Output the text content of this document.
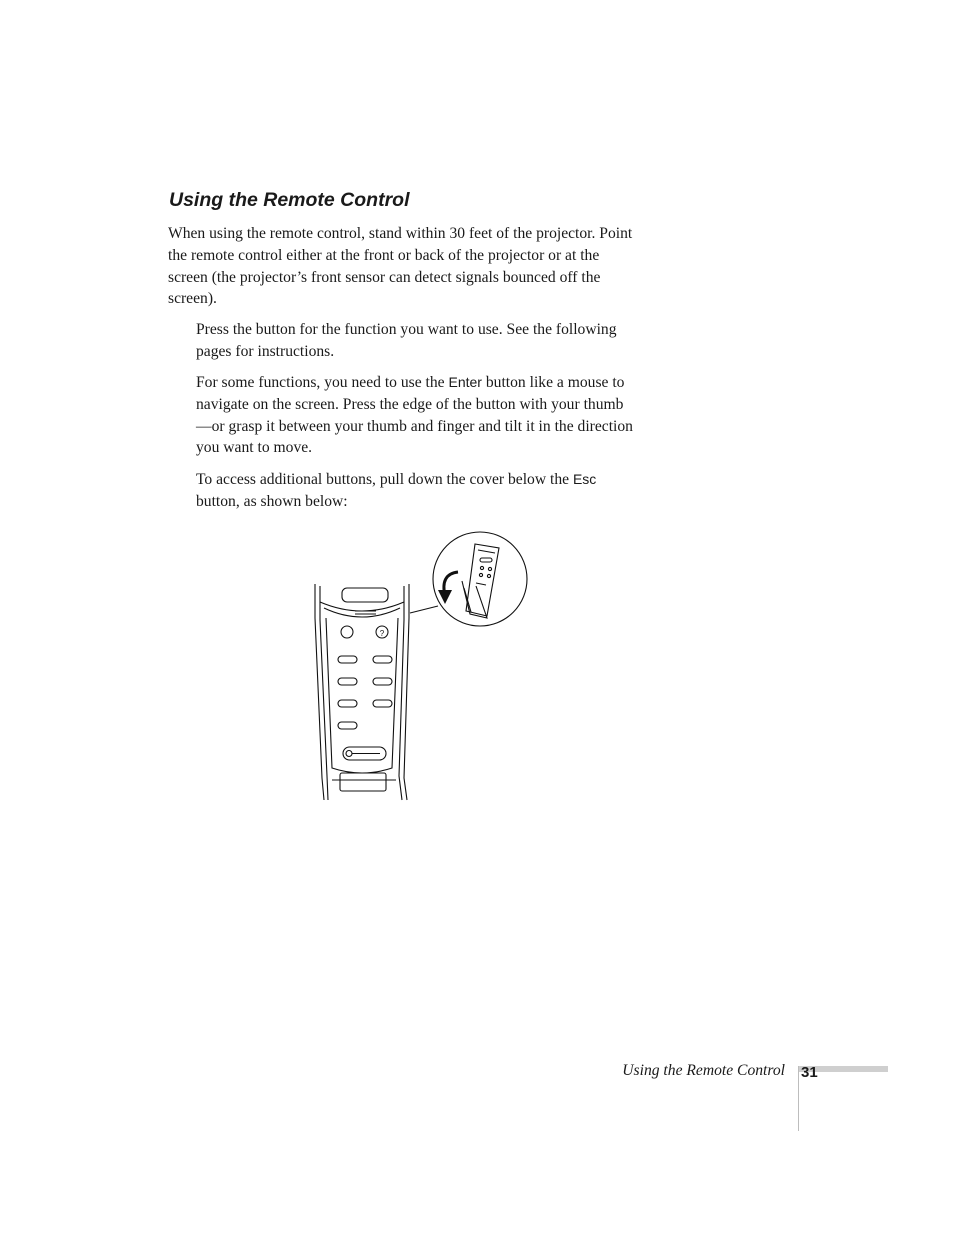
Using the Remote Control

When using the remote control, stand within 30 feet of the projector. Point the remote control either at the front or back of the projector or at the screen (the projector’s front sensor can detect signals bounced off the screen).

Press the button for the function you want to use. See the following pages for instructions.

For some functions, you need to use the Enter button like a mouse to navigate on the screen. Press the edge of the button with your thumb—or grasp it between your thumb and finger and tilt it in the direction you want to move.

To access additional buttons, pull down the cover below the Esc button, as shown below:

?
Using the Remote Control 31
